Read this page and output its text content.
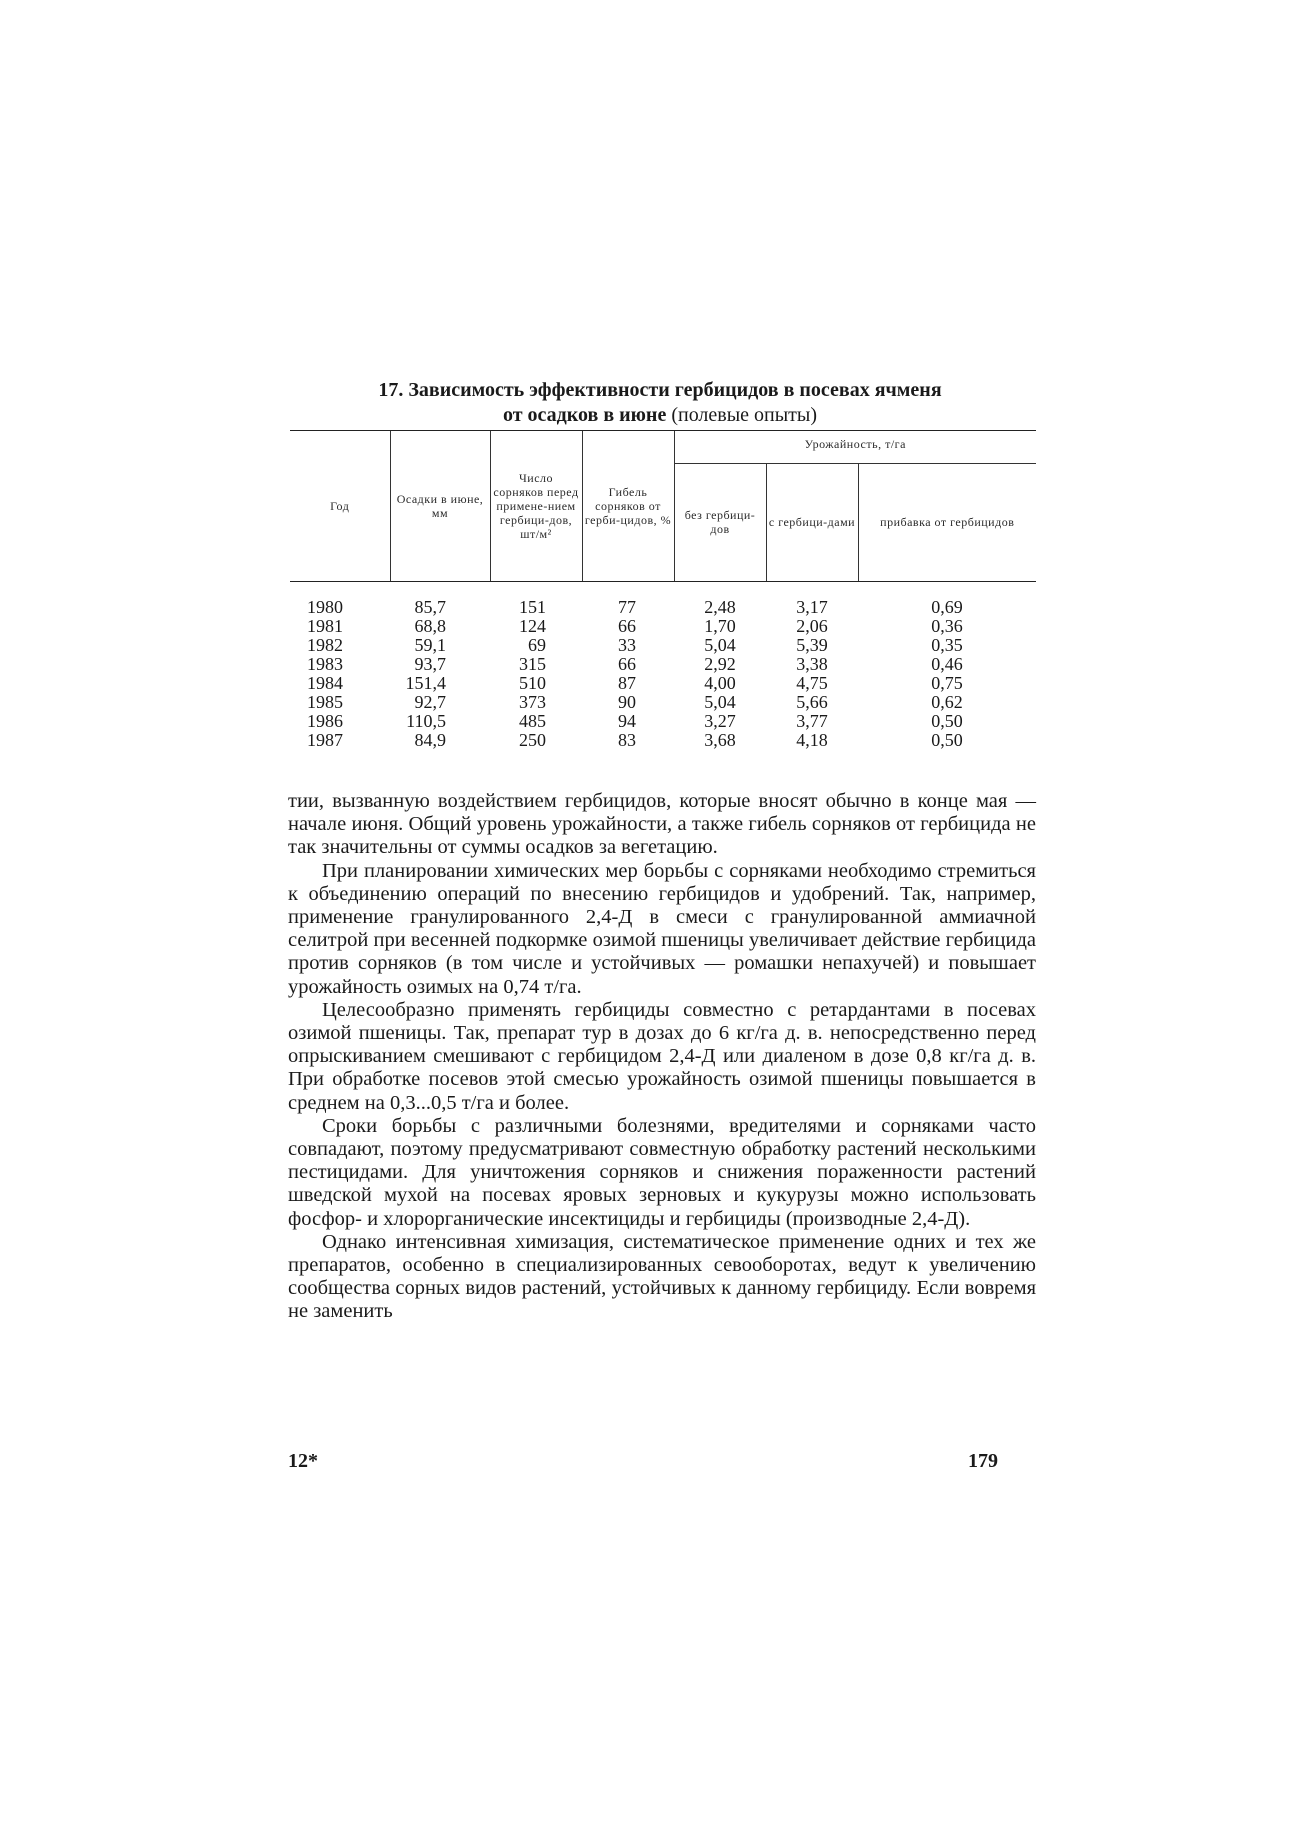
17. Зависимость эффективности гербицидов в посевах ячменя
от осадков в июне (полевые опыты)
Год	Осадки в июне, мм	Число сорняков перед примене-нием гербици-дов, шт/м²	Гибель сорняков от герби-цидов, %	Урожайность, т/га		
				без гербици-дов	с гербици-дами	прибавка от гербицидов
1980	85,7	151	77	2,48	3,17	0,69
1981	68,8	124	66	1,70	2,06	0,36
1982	59,1	69	33	5,04	5,39	0,35
1983	93,7	315	66	2,92	3,38	0,46
1984	151,4	510	87	4,00	4,75	0,75
1985	92,7	373	90	5,04	5,66	0,62
1986	110,5	485	94	3,27	3,77	0,50
1987	84,9	250	83	3,68	4,18	0,50

тии, вызванную воздействием гербицидов, которые вносят обычно в конце мая — начале июня. Общий уровень урожайности, а также гибель сорняков от гербицида не так значительны от суммы осадков за вегетацию.

При планировании химических мер борьбы с сорняками необходимо стремиться к объединению операций по внесению гербицидов и удобрений. Так, например, применение гранулированного 2,4-Д в смеси с гранулированной аммиачной селитрой при весенней подкормке озимой пшеницы увеличивает действие гербицида против сорняков (в том числе и устойчивых — ромашки непахучей) и повышает урожайность озимых на 0,74 т/га.

Целесообразно применять гербициды совместно с ретардантами в посевах озимой пшеницы. Так, препарат тур в дозах до 6 кг/га д. в. непосредственно перед опрыскиванием смешивают с гербицидом 2,4-Д или диаленом в дозе 0,8 кг/га д. в. При обработке посевов этой смесью урожайность озимой пшеницы повышается в среднем на 0,3...0,5 т/га и более.

Сроки борьбы с различными болезнями, вредителями и сорняками часто совпадают, поэтому предусматривают совместную обработку растений несколькими пестицидами. Для уничтожения сорняков и снижения пораженности растений шведской мухой на посевах яровых зерновых и кукурузы можно использовать фосфор- и хлорорганические инсектициды и гербициды (производные 2,4-Д).

Однако интенсивная химизация, систематическое применение одних и тех же препаратов, особенно в специализированных севооборотах, ведут к увеличению сообщества сорных видов растений, устойчивых к данному гербициду. Если вовремя не заменить

12*	179
